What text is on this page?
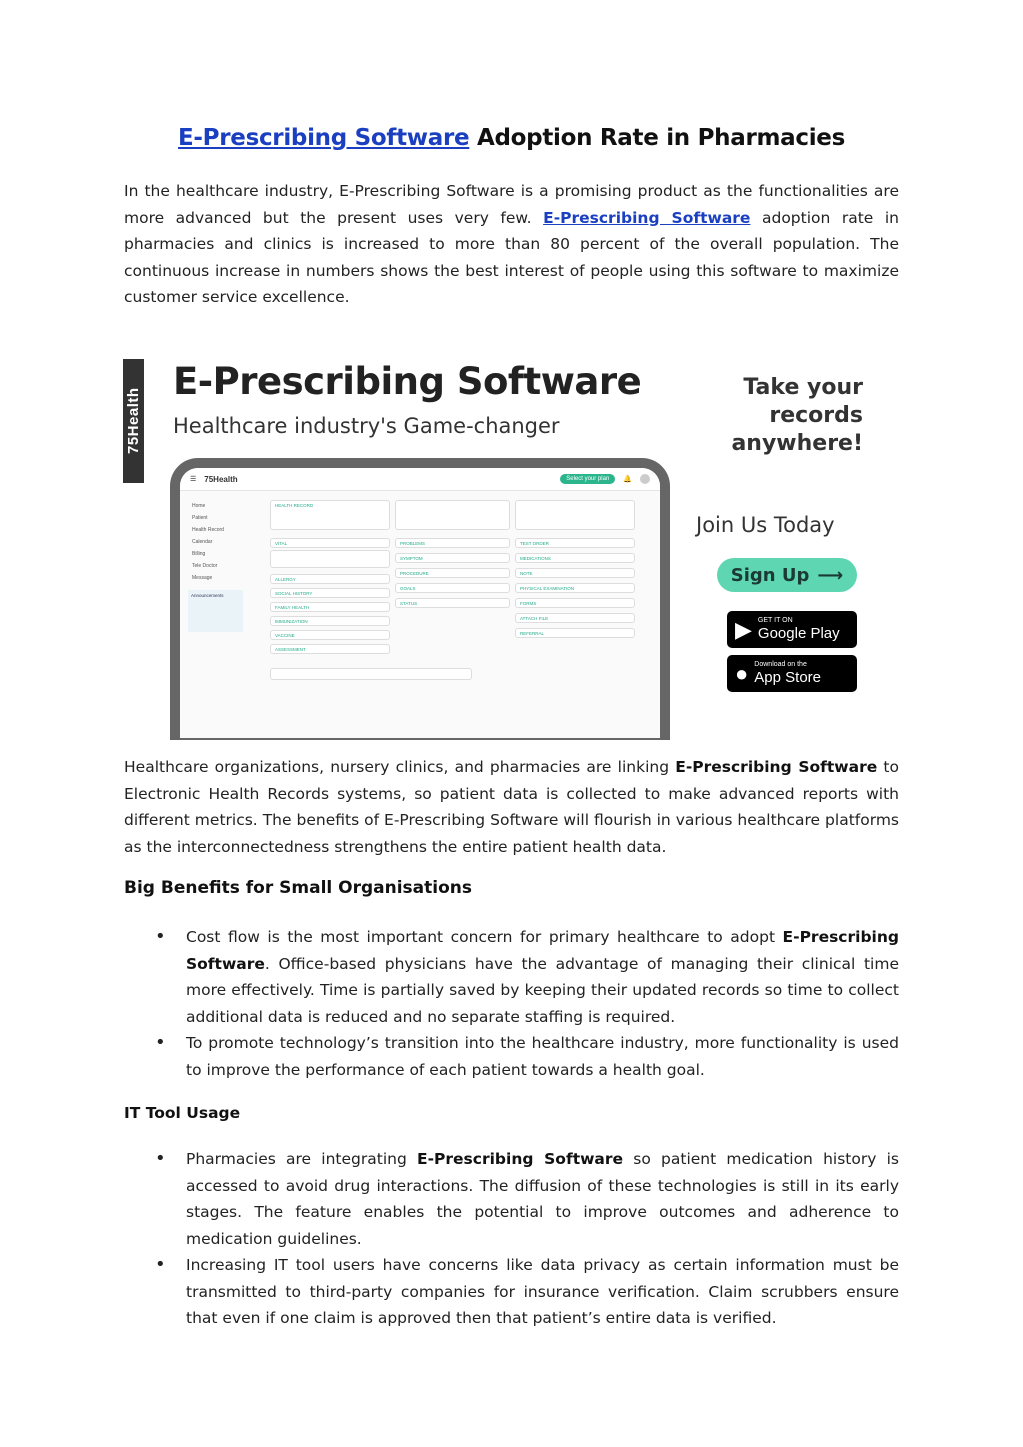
E-Prescribing Software Adoption Rate in Pharmacies

In the healthcare industry, E-Prescribing Software is a promising product as the functionalities are more advanced but the present uses very few. E-Prescribing Software adoption rate in pharmacies and clinics is increased to more than 80 percent of the overall population. The continuous increase in numbers shows the best interest of people using this software to maximize customer service excellence.

Healthcare organizations, nursery clinics, and pharmacies are linking E-Prescribing Software to Electronic Health Records systems, so patient data is collected to make advanced reports with different metrics. The benefits of E-Prescribing Software will flourish in various healthcare platforms as the interconnectedness strengthens the entire patient health data.

Big Benefits for Small Organisations
• Cost flow is the most important concern for primary healthcare to adopt E-Prescribing Software. Office-based physicians have the advantage of managing their clinical time more effectively. Time is partially saved by keeping their updated records so time to collect additional data is reduced and no separate staffing is required.
• To promote technology’s transition into the healthcare industry, more functionality is used to improve the performance of each patient towards a health goal.
IT Tool Usage
• Pharmacies are integrating E-Prescribing Software so patient medication history is accessed to avoid drug interactions. The diffusion of these technologies is still in its early stages. The feature enables the potential to improve outcomes and adherence to medication guidelines.
• Increasing IT tool users have concerns like data privacy as certain information must be transmitted to third-party companies for insurance verification. Claim scrubbers ensure that even if one claim is approved then that patient’s entire data is verified.
75Health
E-Prescribing Software
Healthcare industry's Game-changer
☰ 75Health	Select your plan	🔔
Home
Patient
Health Record
Calendar
Billing
Tele Doctor
Message
Announcements
HEALTH RECORD
VITAL	PROBLEMS	TEST ORDER
ALLERGY
SYMPTOM	MEDICATIONS
SOCIAL HISTORY
PROCEDURE	NOTE
FAMILY HEALTH
GOALS	PHYSICAL EXAMINATION
IMMUNIZATION
STATUS	FORMS
VACCINE
ATTACH FILE
ASSESSMENT
REFERRAL
Take your
records
anywhere!
Join Us Today
Sign Up ⟶
▶ GET IT ON
Google Play
● Download on the
App Store
